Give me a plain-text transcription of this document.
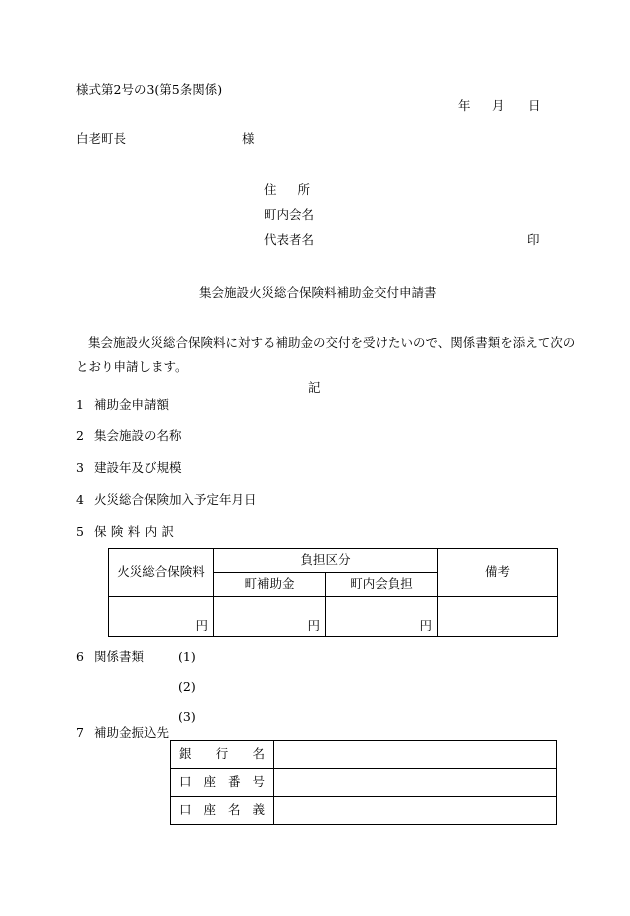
様式第2号の3(第5条関係)
年 月 日
白老町長	様
住所
町内会名
代表者名	印
集会施設火災総合保険料補助金交付申請書
集会施設火災総合保険料に対する補助金の交付を受けたいので、関係書類を添えて次の
とおり申請します。
記
1 補助金申請額
2 集会施設の名称
3 建設年及び規模
4 火災総合保険加入予定年月日
5 保険料内訳
火災総合保険料	負担区分		備考
	町補助金	町内会負担	
円	円	円	
6 関係書類	(1)
(2)
(3)
7 補助金振込先
銀行名	

口座番号	

口座名義	
